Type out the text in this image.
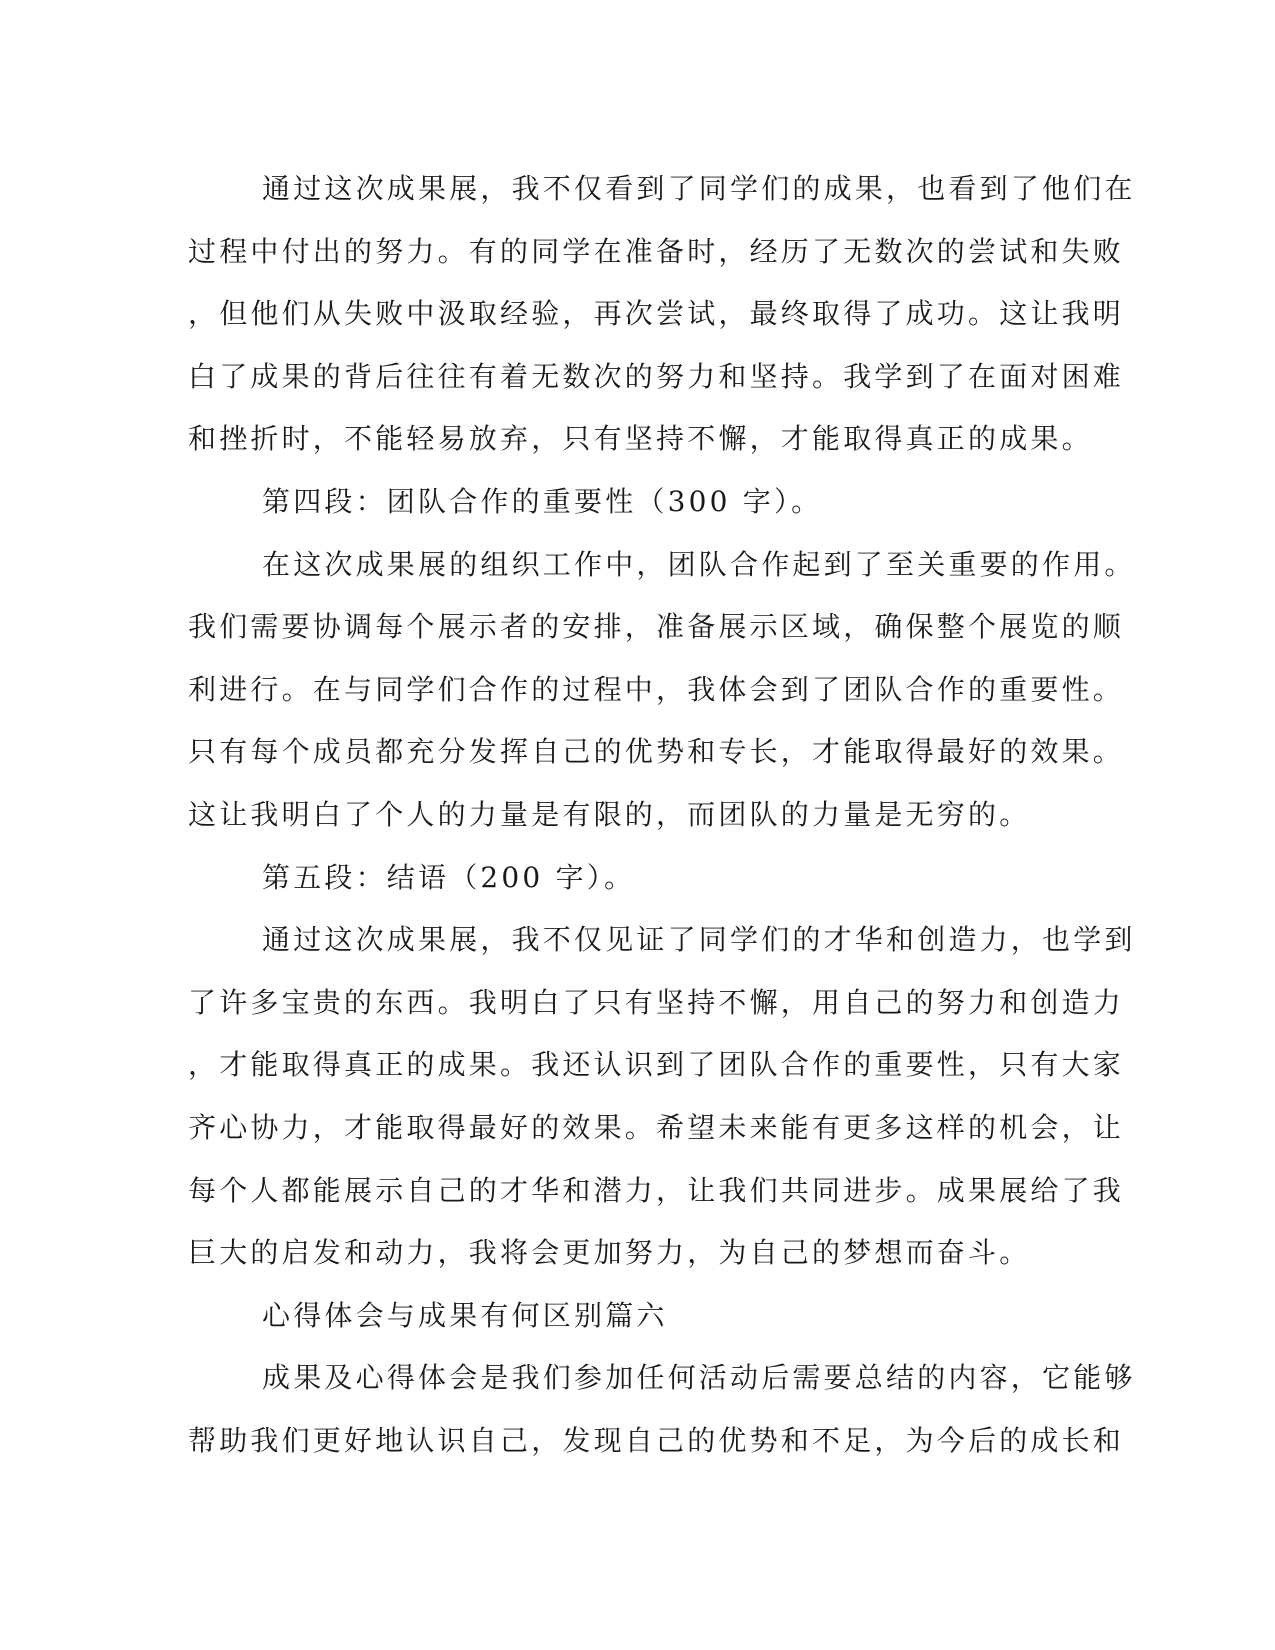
通过这次成果展，我不仅看到了同学们的成果，也看到了他们在
过程中付出的努力。有的同学在准备时，经历了无数次的尝试和失败
，但他们从失败中汲取经验，再次尝试，最终取得了成功。这让我明
白了成果的背后往往有着无数次的努力和坚持。我学到了在面对困难
和挫折时，不能轻易放弃，只有坚持不懈，才能取得真正的成果。
第四段：团队合作的重要性（300 字）。
在这次成果展的组织工作中，团队合作起到了至关重要的作用。
我们需要协调每个展示者的安排，准备展示区域，确保整个展览的顺
利进行。在与同学们合作的过程中，我体会到了团队合作的重要性。
只有每个成员都充分发挥自己的优势和专长，才能取得最好的效果。
这让我明白了个人的力量是有限的，而团队的力量是无穷的。
第五段：结语（200 字）。
通过这次成果展，我不仅见证了同学们的才华和创造力，也学到
了许多宝贵的东西。我明白了只有坚持不懈，用自己的努力和创造力
，才能取得真正的成果。我还认识到了团队合作的重要性，只有大家
齐心协力，才能取得最好的效果。希望未来能有更多这样的机会，让
每个人都能展示自己的才华和潜力，让我们共同进步。成果展给了我
巨大的启发和动力，我将会更加努力，为自己的梦想而奋斗。
心得体会与成果有何区别篇六
成果及心得体会是我们参加任何活动后需要总结的内容，它能够
帮助我们更好地认识自己，发现自己的优势和不足，为今后的成长和
